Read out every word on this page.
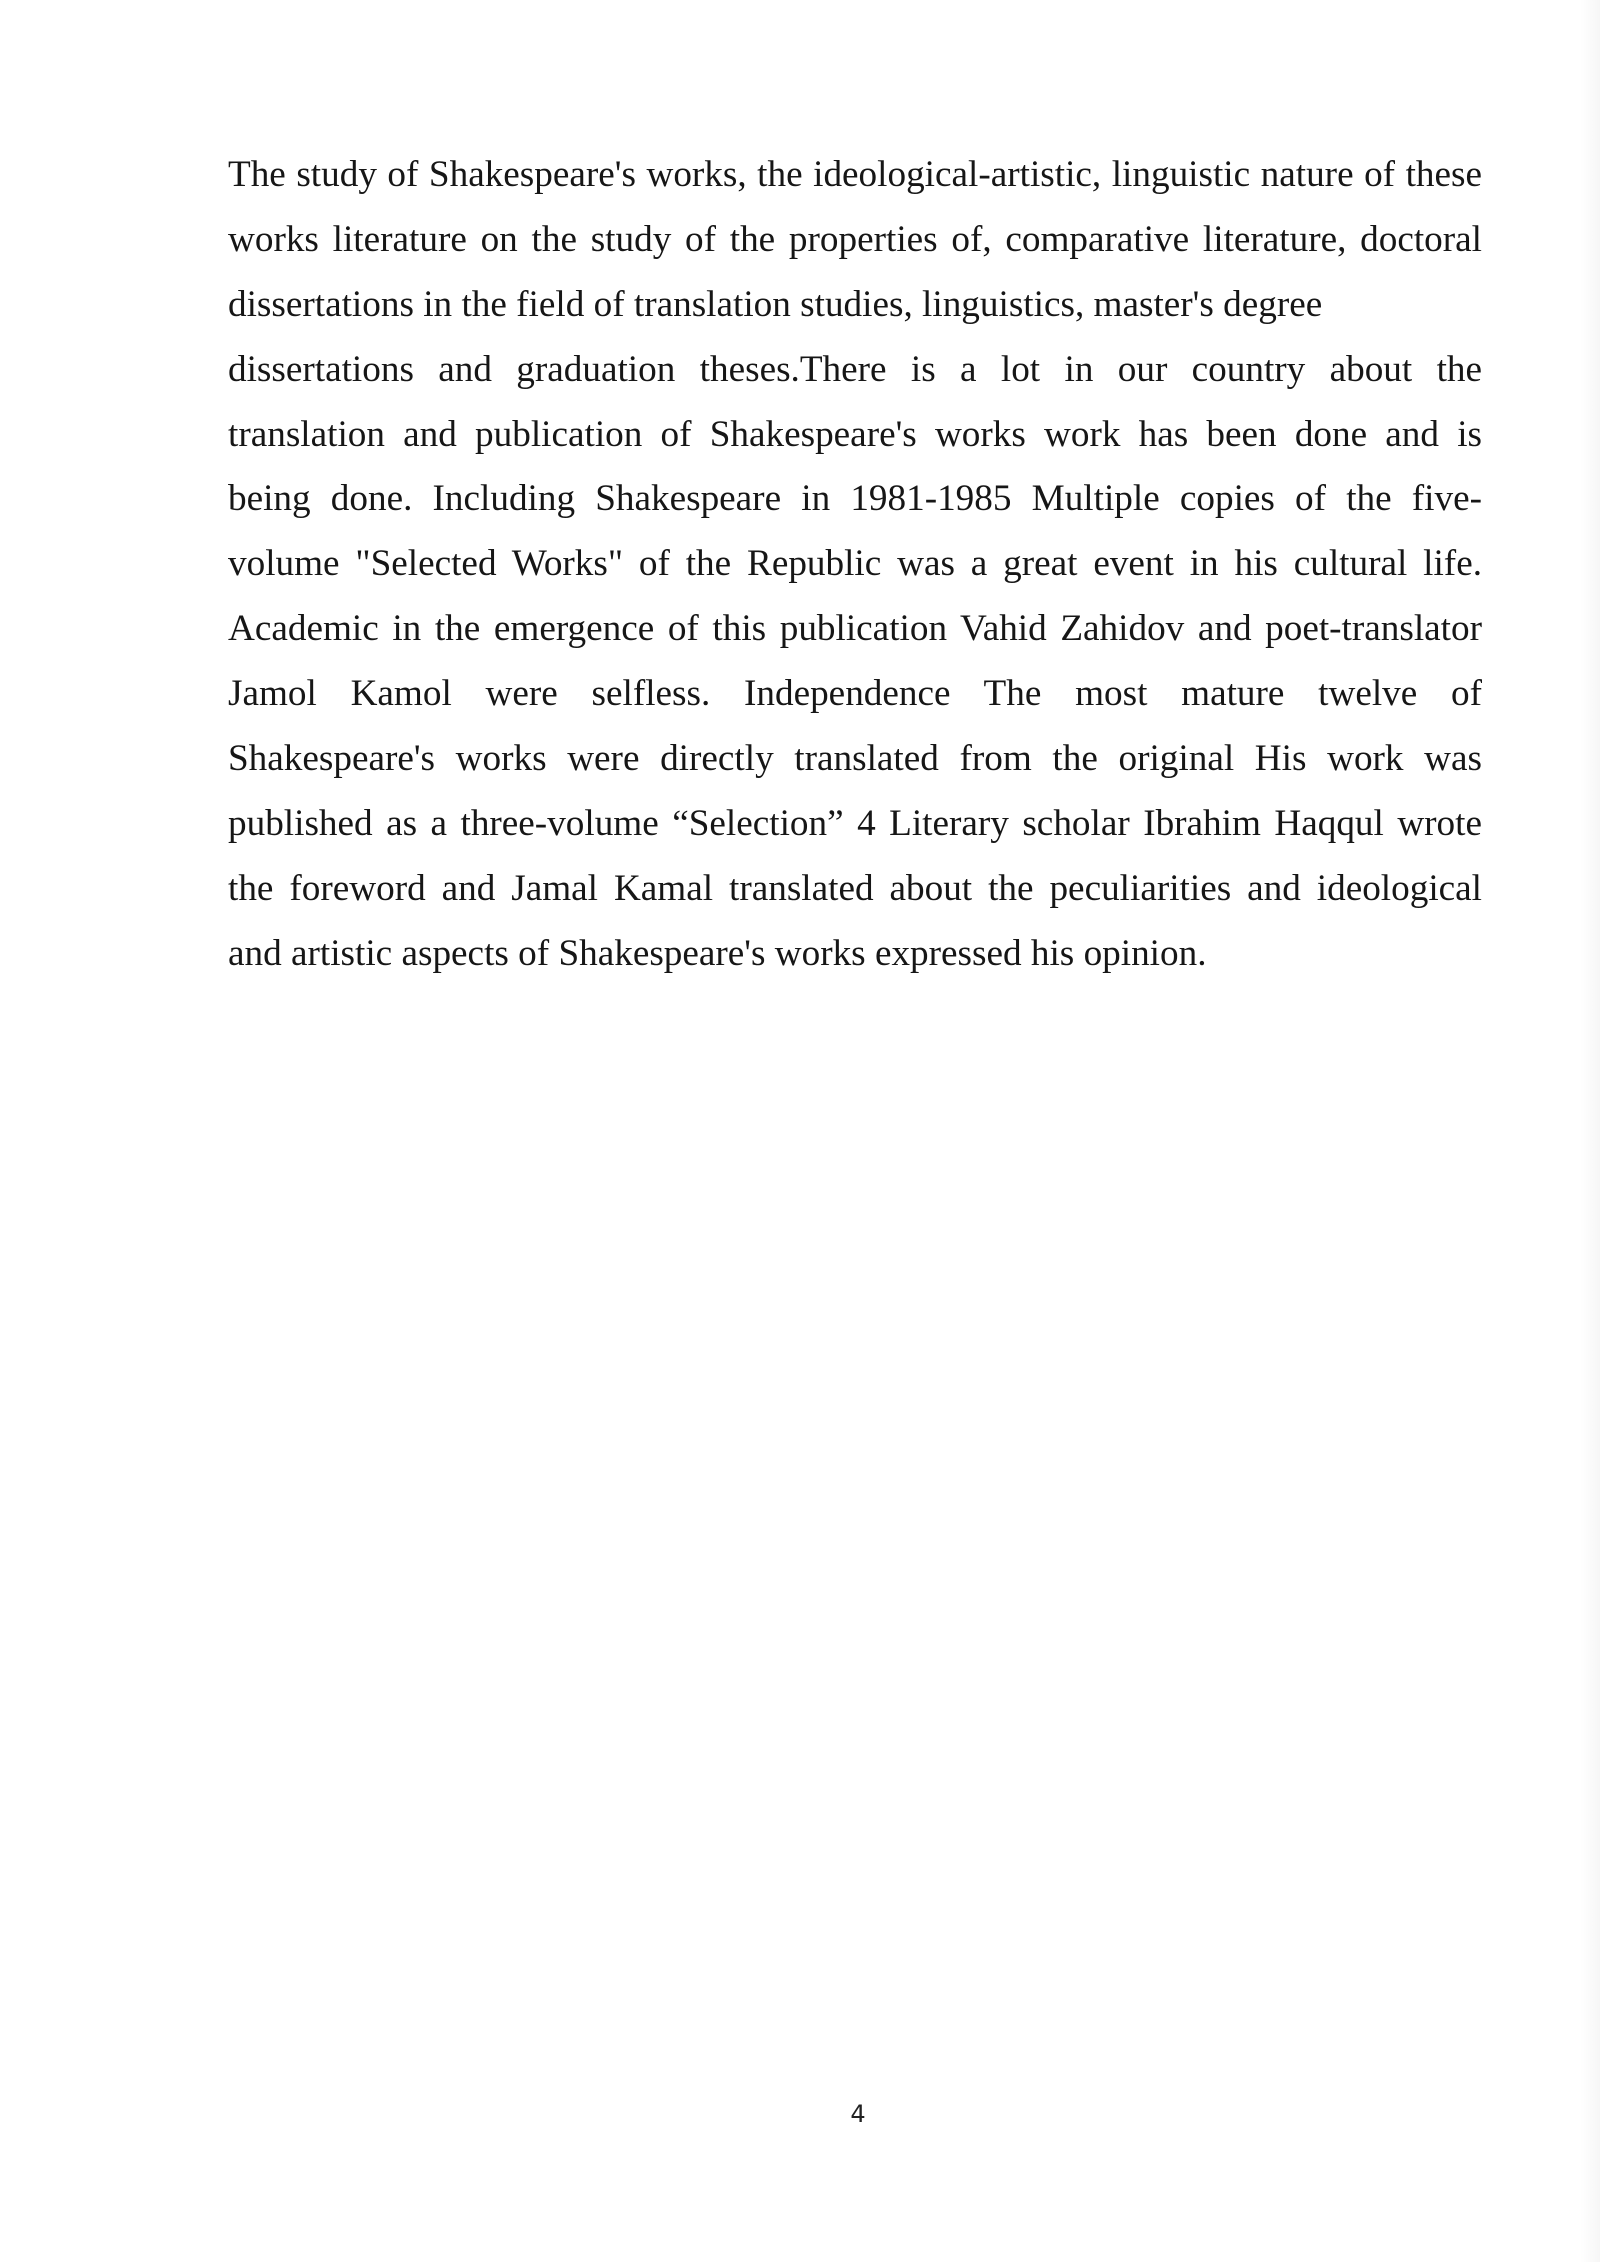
The study of Shakespeare's works, the ideological-artistic, linguistic nature of these
works literature on the study of the properties of, comparative literature, doctoral
dissertations in the field of translation studies, linguistics, master's degree
dissertations and graduation theses.There is a lot in our country about the
translation and publication of Shakespeare's works work has been done and is
being done. Including Shakespeare in 1981-1985 Multiple copies of the five-
volume "Selected Works" of the Republic was a great event in his cultural life.
Academic in the emergence of this publication Vahid Zahidov and poet-translator
Jamol Kamol were selfless. Independence The most mature twelve of
Shakespeare's works were directly translated from the original His work was
published as a three-volume “Selection” 4 Literary scholar Ibrahim Haqqul wrote
the foreword and Jamal Kamal translated about the peculiarities and ideological
and artistic aspects of Shakespeare's works expressed his opinion.
4
